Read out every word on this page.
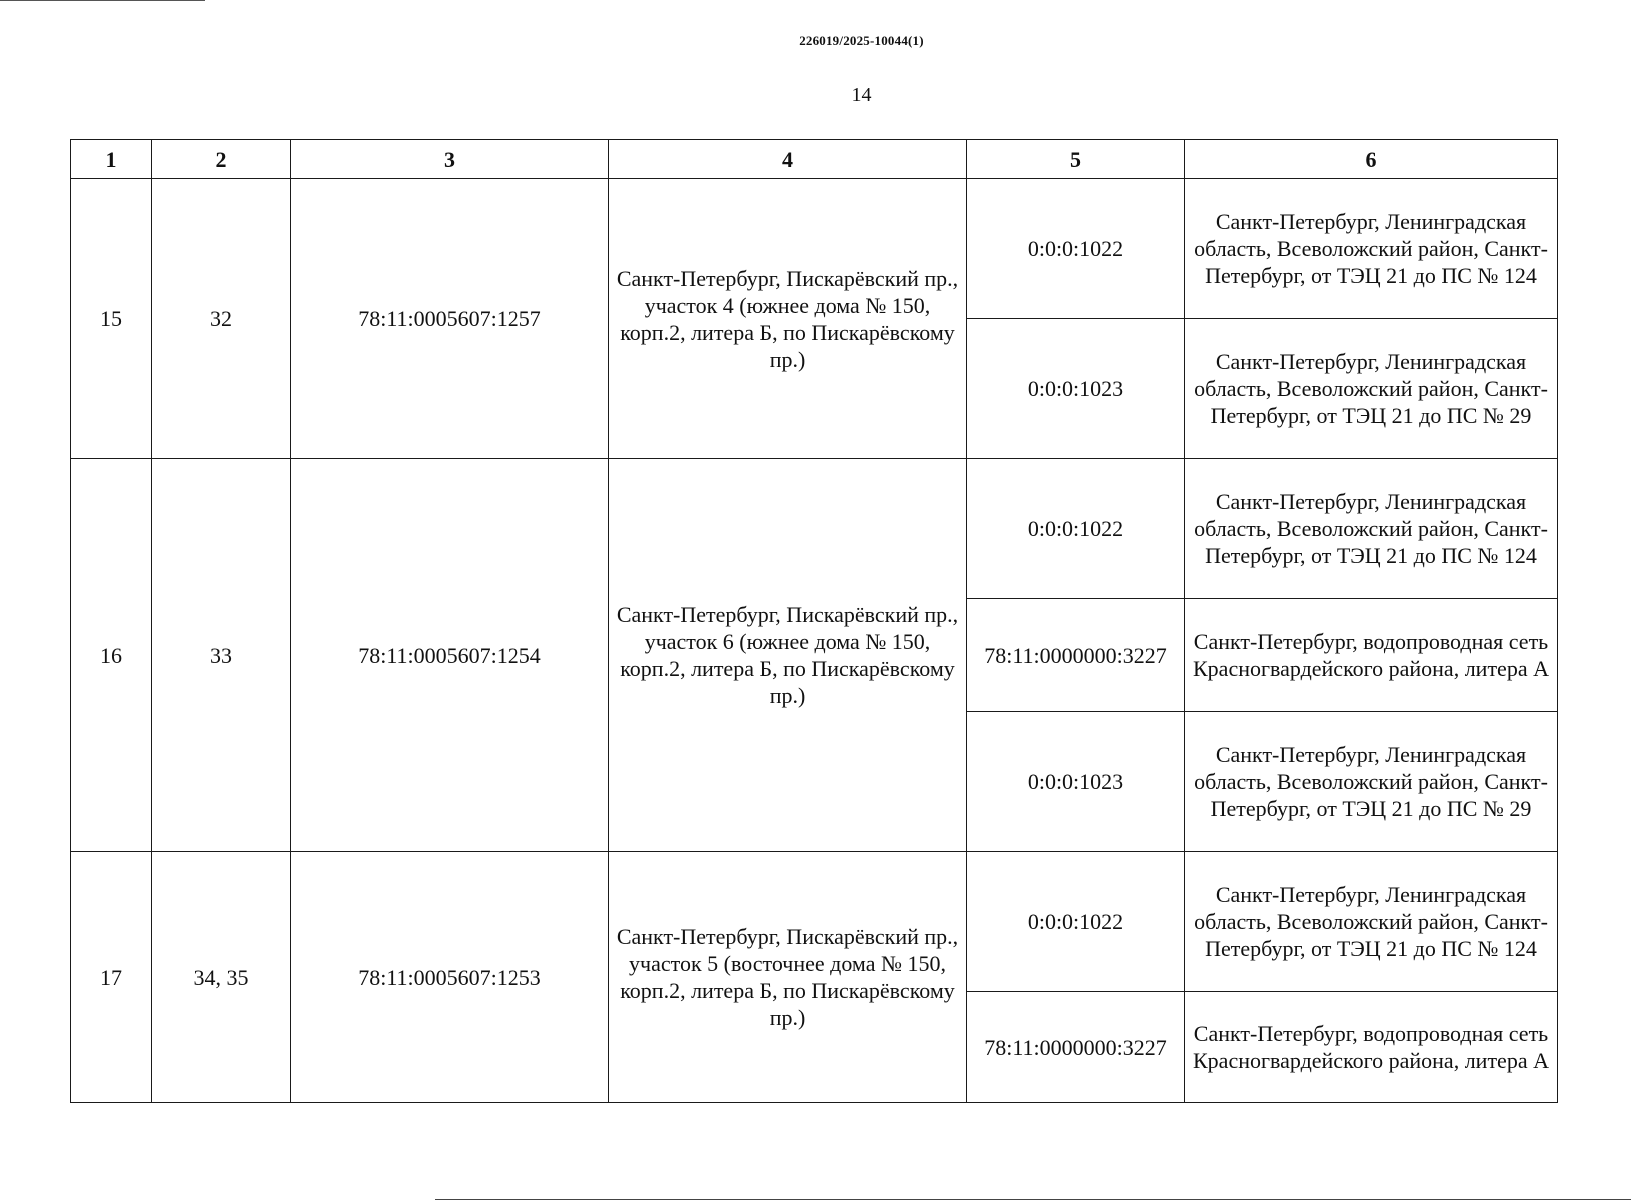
226019/2025-10044(1)
14
1	2	3	4	5	6
15	32	78:11:0005607:1257	Санкт-Петербург, Пискарёвский пр., участок 4 (южнее дома № 150, корп.2, литера Б, по Пискарёвскому пр.)	0:0:0:1022	Санкт-Петербург, Ленинградская область, Всеволожский район, Санкт-Петербург, от ТЭЦ 21 до ПС № 124
				0:0:0:1023	Санкт-Петербург, Ленинградская область, Всеволожский район, Санкт-Петербург, от ТЭЦ 21 до ПС № 29
16	33	78:11:0005607:1254	Санкт-Петербург, Пискарёвский пр., участок 6 (южнее дома № 150, корп.2, литера Б, по Пискарёвскому пр.)	0:0:0:1022	Санкт-Петербург, Ленинградская область, Всеволожский район, Санкт-Петербург, от ТЭЦ 21 до ПС № 124
				78:11:0000000:3227	Санкт-Петербург, водопроводная сеть Красногвардейского района, литера А
				0:0:0:1023	Санкт-Петербург, Ленинградская область, Всеволожский район, Санкт-Петербург, от ТЭЦ 21 до ПС № 29
17	34, 35	78:11:0005607:1253	Санкт-Петербург, Пискарёвский пр., участок 5 (восточнее дома № 150, корп.2, литера Б, по Пискарёвскому пр.)	0:0:0:1022	Санкт-Петербург, Ленинградская область, Всеволожский район, Санкт-Петербург, от ТЭЦ 21 до ПС № 124
				78:11:0000000:3227	Санкт-Петербург, водопроводная сеть Красногвардейского района, литера А
